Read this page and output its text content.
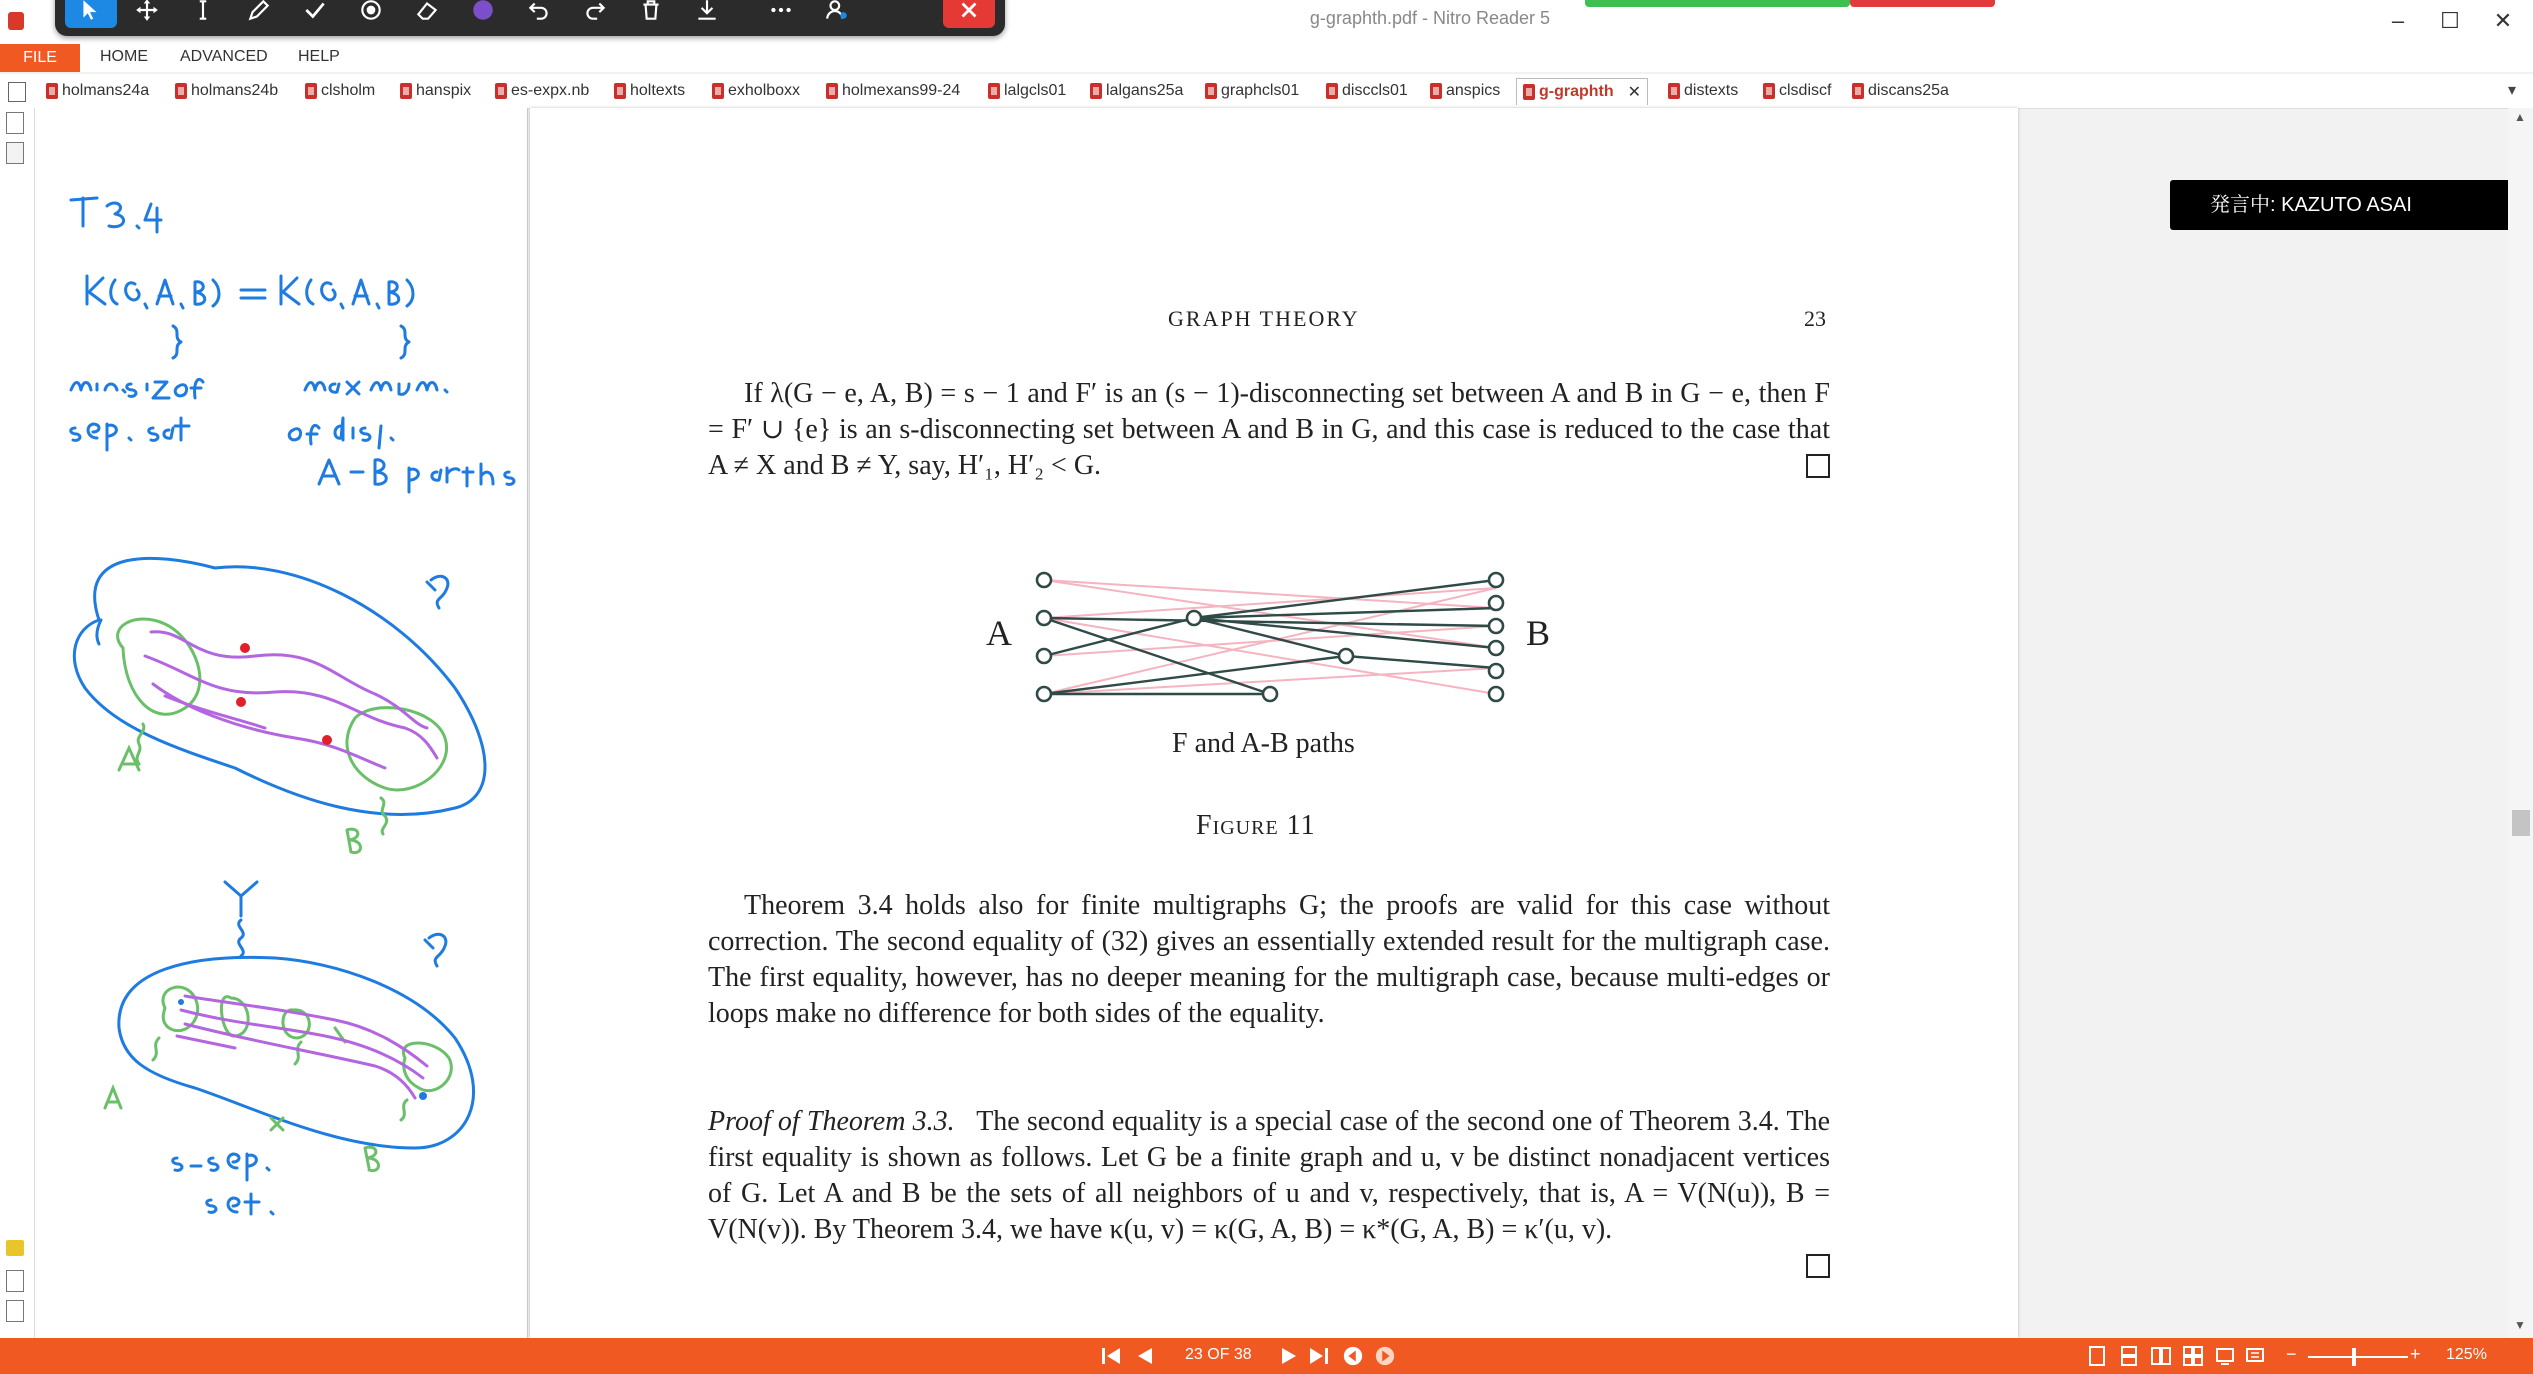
g-graphth.pdf - Nitro Reader 5	–	☐	✕
FILE	HOME ADVANCED HELP
holmans24a	holmans24b	clsholm	hanspix es-expx.nb	holtexts	exholboxx	holmexans99-24	lalgcls01 lalgans25a graphcls01	disccls01 anspics g-graphth ✕	distexts	clsdiscf discans25a	▾
GRAPH THEORY	23
If λ(G − e, A, B) = s − 1 and F′ is an (s − 1)-disconnecting set between A and B in G − e, then F = F′ ∪ {e} is an s-disconnecting set between A and B in G, and this case is reduced to the case that A ≠ X and B ≠ Y, say, H′₁, H′₂ < G.
A	B
F and A-B paths
Figure 11
Theorem 3.4 holds also for finite multigraphs G; the proofs are valid for this case without correction. The second equality of (32) gives an essentially extended result for the multigraph case. The first equality, however, has no deeper meaning for the multigraph case, because multi-edges or loops make no difference for both sides of the equality.
Proof of Theorem 3.3. The second equality is a special case of the second one of Theorem 3.4. The first equality is shown as follows. Let G be a finite graph and u, v be distinct nonadjacent vertices of G. Let A and B be the sets of all neighbors of u and v, respectively, that is, A = V(N(u)), B = V(N(v)). By Theorem 3.4, we have κ(u, v) = κ(G, A, B) = κ*(G, A, B) = κ′(u, v).
発言中: KAZUTO ASAI
▲
▼
23 OF 38	−	+ 125%
